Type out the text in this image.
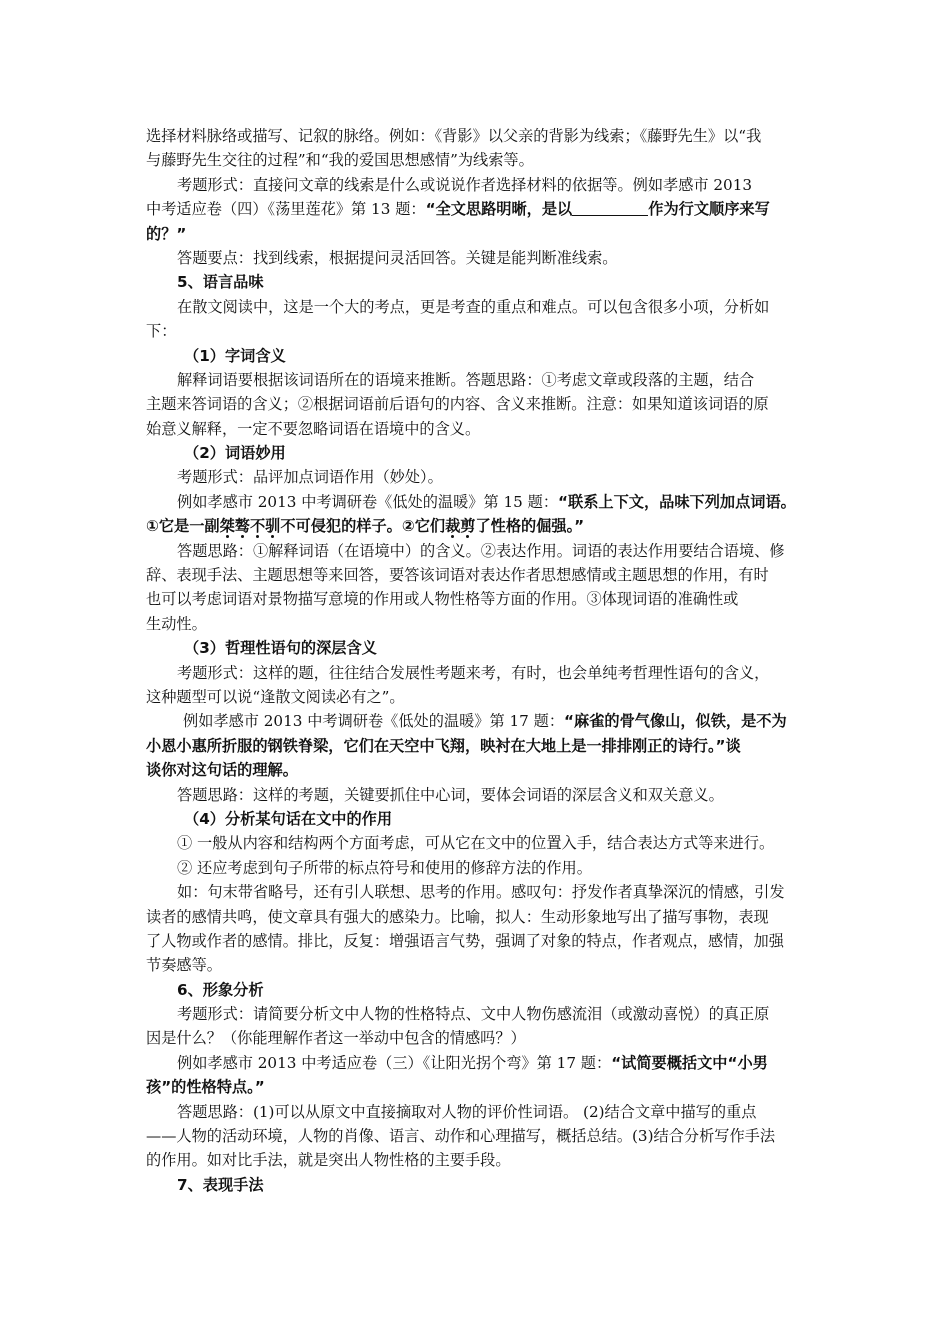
选择材料脉络或描写、记叙的脉络。例如：《背影》以父亲的背影为线索；《藤野先生》以“我
与藤野先生交往的过程”和“我的爱国思想感情”为线索等。
考题形式：直接问文章的线索是什么或说说作者选择材料的依据等。例如孝感市 2013
中考适应卷（四）《荡里莲花》第 13 题：“全文思路明晰，是以	作为行文顺序来写
的？”
答题要点：找到线索，根据提问灵活回答。关键是能判断准线索。
5、语言品味
在散文阅读中，这是一个大的考点，更是考查的重点和难点。可以包含很多小项，分析如
下：
（1）字词含义
解释词语要根据该词语所在的语境来推断。答题思路：①考虑文章或段落的主题，结合
主题来答词语的含义；②根据词语前后语句的内容、含义来推断。注意：如果知道该词语的原
始意义解释，一定不要忽略词语在语境中的含义。
（2）词语妙用
考题形式：品评加点词语作用（妙处）。
例如孝感市 2013 中考调研卷《低处的温暖》第 15 题：“联系上下文，品味下列加点词语。
①它是一副桀骜不驯不可侵犯的样子。②它们裁剪了性格的倔强。”
答题思路：①解释词语（在语境中）的含义。②表达作用。词语的表达作用要结合语境、修
辞、表现手法、主题思想等来回答，要答该词语对表达作者思想感情或主题思想的作用，有时
也可以考虑词语对景物描写意境的作用或人物性格等方面的作用。③体现词语的准确性或
生动性。
（3）哲理性语句的深层含义
考题形式：这样的题，往往结合发展性考题来考，有时，也会单纯考哲理性语句的含义，
这种题型可以说“逢散文阅读必有之”。
例如孝感市 2013 中考调研卷《低处的温暖》第 17 题：“麻雀的骨气像山，似铁，是不为
小恩小惠所折服的钢铁脊梁，它们在天空中飞翔，映衬在大地上是一排排刚正的诗行。”谈
谈你对这句话的理解。
答题思路：这样的考题，关键要抓住中心词，要体会词语的深层含义和双关意义。
（4）分析某句话在文中的作用
① 一般从内容和结构两个方面考虑，可从它在文中的位置入手，结合表达方式等来进行。
② 还应考虑到句子所带的标点符号和使用的修辞方法的作用。
如：句末带省略号，还有引人联想、思考的作用。感叹句：抒发作者真挚深沉的情感，引发
读者的感情共鸣，使文章具有强大的感染力。比喻，拟人：生动形象地写出了描写事物，表现
了人物或作者的感情。排比，反复：增强语言气势，强调了对象的特点，作者观点，感情，加强
节奏感等。
6、形象分析
考题形式：请简要分析文中人物的性格特点、文中人物伤感流泪（或激动喜悦）的真正原
因是什么？（你能理解作者这一举动中包含的情感吗？）
例如孝感市 2013 中考适应卷（三）《让阳光拐个弯》第 17 题：“试简要概括文中“小男
孩”的性格特点。”
答题思路：(1)可以从原文中直接摘取对人物的评价性词语。 (2)结合文章中描写的重点
——人物的活动环境，人物的肖像、语言、动作和心理描写，概括总结。(3)结合分析写作手法
的作用。如对比手法，就是突出人物性格的主要手段。
7、表现手法
